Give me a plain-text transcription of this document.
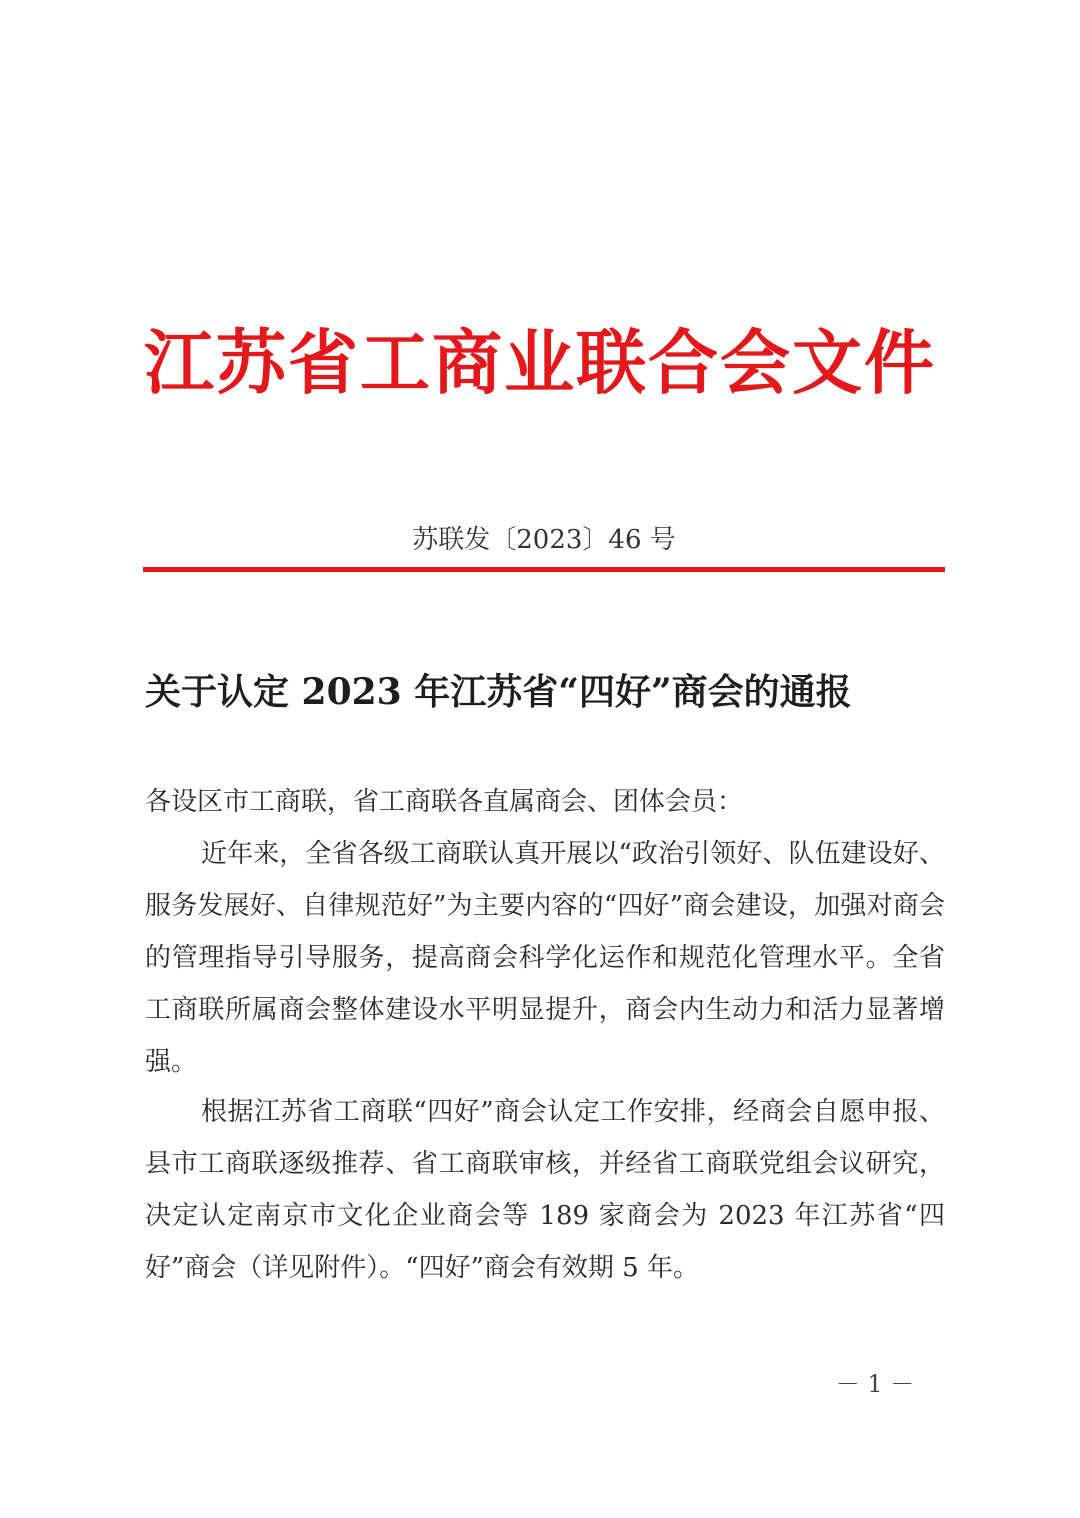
江苏省工商业联合会文件
苏联发〔2023〕46 号
关于认定 2023 年江苏省“四好”商会的通报
各设区市工商联，省工商联各直属商会、团体会员：
近年来，全省各级工商联认真开展以“政治引领好、队伍建设好、服务发展好、自律规范好”为主要内容的“四好”商会建设，加强对商会的管理指导引导服务，提高商会科学化运作和规范化管理水平。全省工商联所属商会整体建设水平明显提升，商会内生动力和活力显著增强。
根据江苏省工商联“四好”商会认定工作安排，经商会自愿申报、县市工商联逐级推荐、省工商联审核，并经省工商联党组会议研究，决定认定南京市文化企业商会等 189 家商会为 2023 年江苏省“四好”商会（详见附件）。“四好”商会有效期 5 年。
－ 1 －
